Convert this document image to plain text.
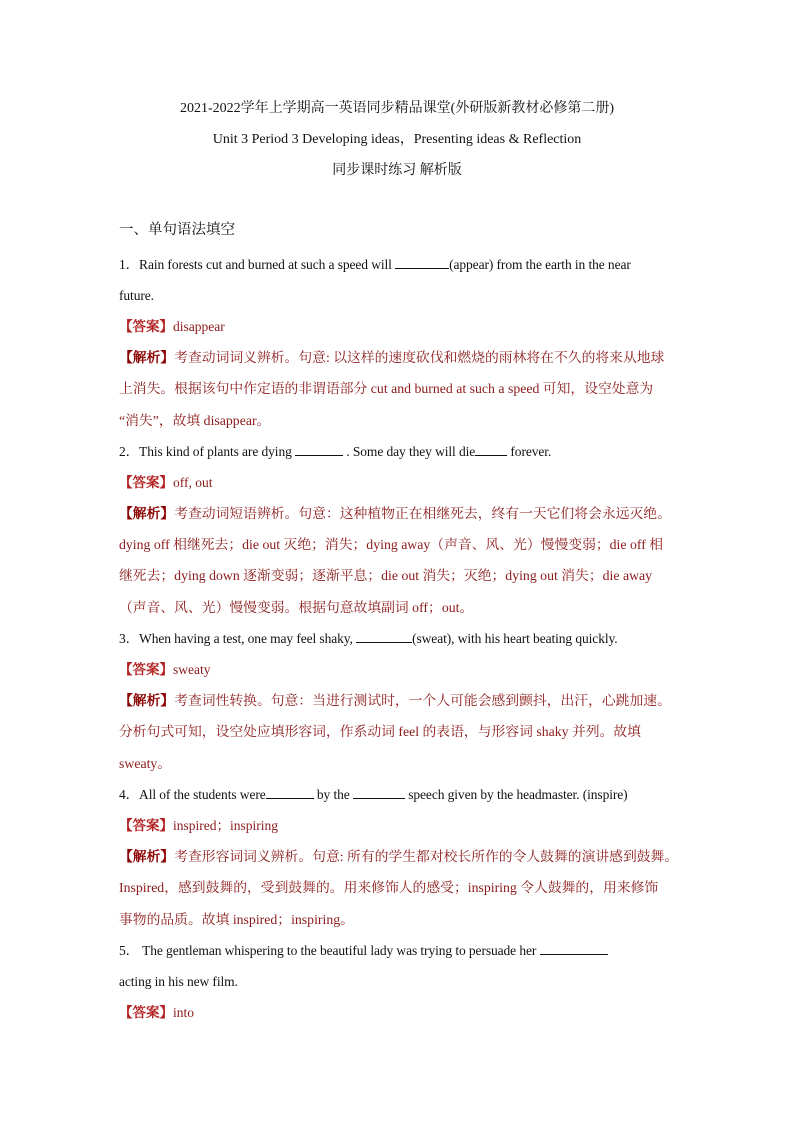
2021-2022学年上学期高一英语同步精品课堂(外研版新教材必修第二册)

Unit 3 Period 3 Developing ideas，Presenting ideas & Reflection

同步课时练习 解析版

一、单句语法填空

1．Rain forests cut and burned at such a speed will	(appear) from the earth in the near

future.

【答案】disappear

【解析】考查动词词义辨析。句意: 以这样的速度砍伐和燃烧的雨林将在不久的将来从地球

上消失。根据该句中作定语的非谓语部分 cut and burned at such a speed 可知，设空处意为

“消失”，故填 disappear。

2．This kind of plants are dying	. Some day they will die forever.

【答案】off, out

【解析】考查动词短语辨析。句意：这种植物正在相继死去，终有一天它们将会永远灭绝。

dying off 相继死去；die out 灭绝；消失；dying away（声音、风、光）慢慢变弱；die off 相

继死去；dying down 逐渐变弱；逐渐平息；die out 消失；灭绝；dying out 消失；die away

（声音、风、光）慢慢变弱。根据句意故填副词 off；out。

3．When having a test, one may feel shaky,	(sweat), with his heart beating quickly.

【答案】sweaty

【解析】考查词性转换。句意：当进行测试时，一个人可能会感到颤抖，出汗，心跳加速。

分析句式可知，设空处应填形容词，作系动词 feel 的表语，与形容词 shaky 并列。故填

sweaty。

4．All of the students were	by the	speech given by the headmaster. (inspire)

【答案】inspired；inspiring

【解析】考查形容词词义辨析。句意: 所有的学生都对校长所作的令人鼓舞的演讲感到鼓舞。

Inspired，感到鼓舞的，受到鼓舞的。用来修饰人的感受；inspiring 令人鼓舞的，用来修饰

事物的品质。故填 inspired；inspiring。

5． The gentleman whispering to the beautiful lady was trying to persuade her

acting in his new film.

【答案】into
